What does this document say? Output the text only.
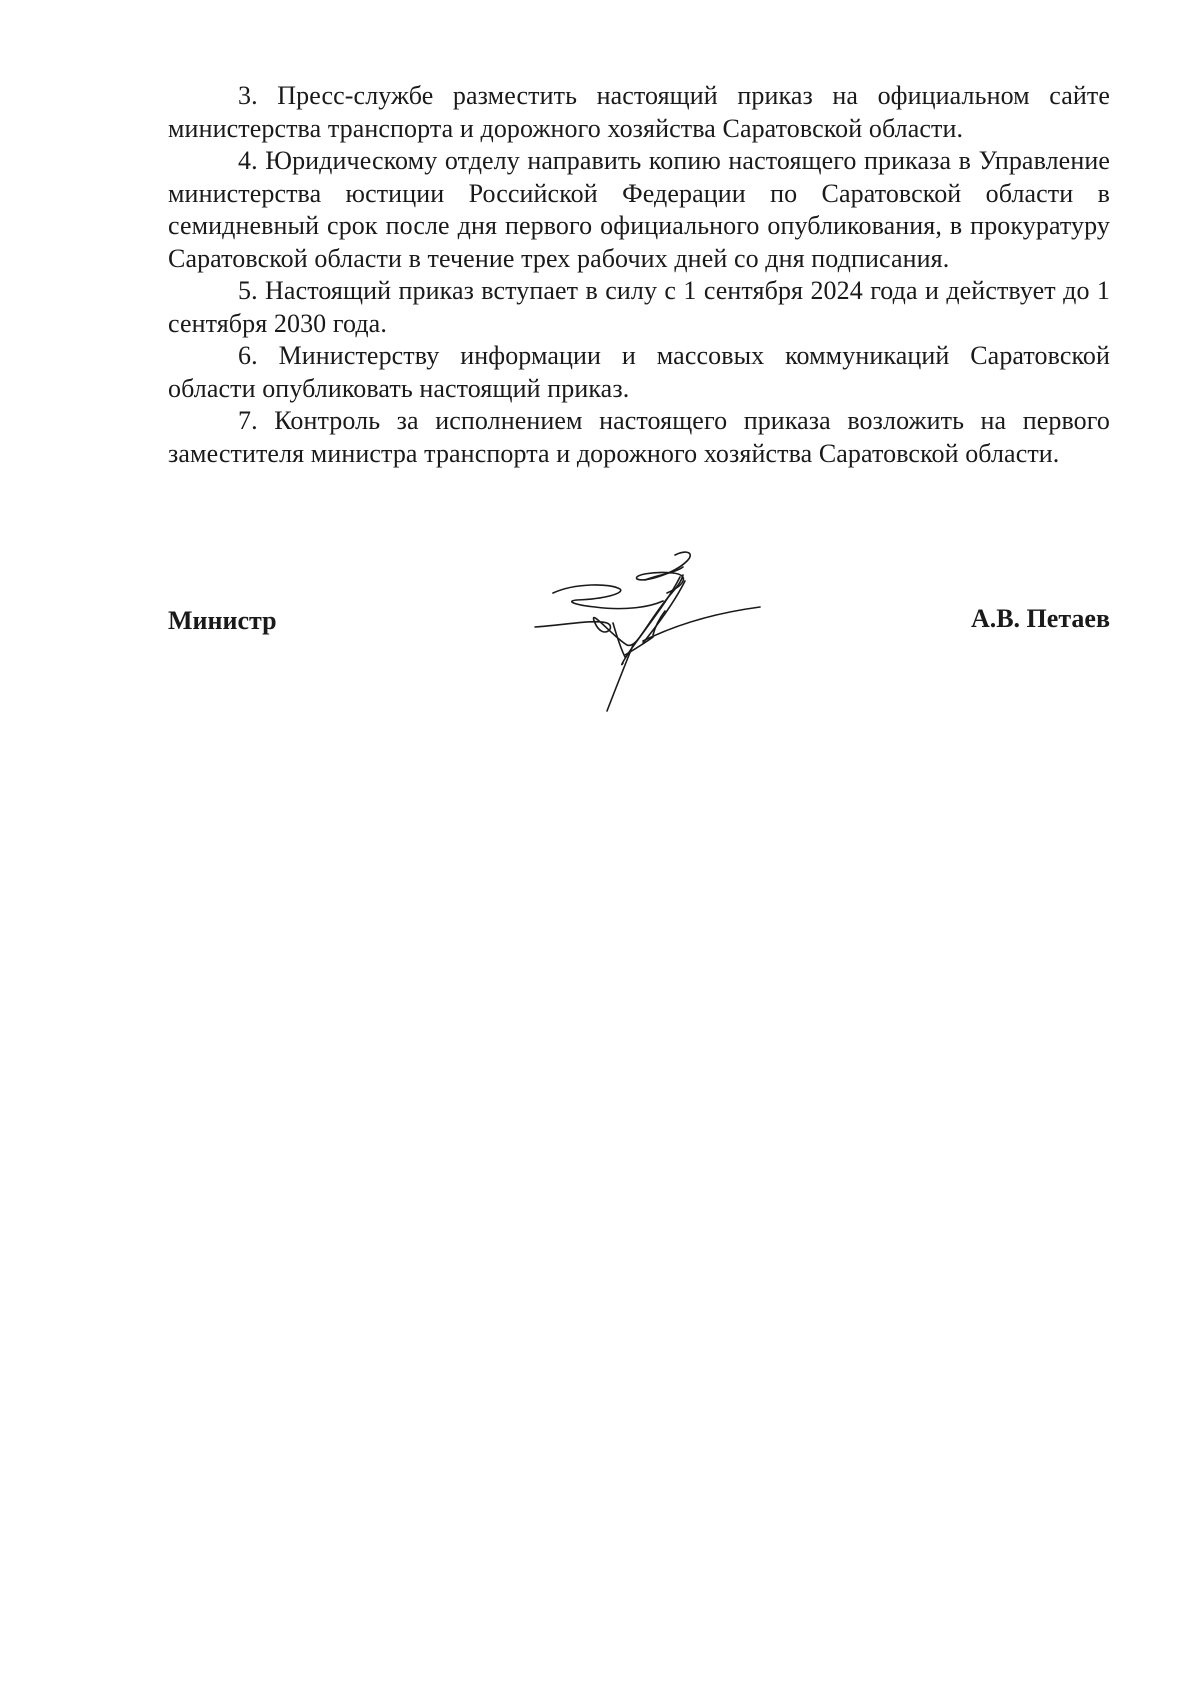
3. Пресс-службе разместить настоящий приказ на официальном сайте министерства транспорта и дорожного хозяйства Саратовской области.

4. Юридическому отделу направить копию настоящего приказа в Управление министерства юстиции Российской Федерации по Саратовской области в семидневный срок после дня первого официального опубликования, в прокуратуру Саратовской области в течение трех рабочих дней со дня подписания.

5. Настоящий приказ вступает в силу с 1 сентября 2024 года и действует до 1 сентября 2030 года.

6. Министерству информации и массовых коммуникаций Саратовской области опубликовать настоящий приказ.

7. Контроль за исполнением настоящего приказа возложить на первого заместителя министра транспорта и дорожного хозяйства Саратовской области.

Министр	А.В. Петаев
